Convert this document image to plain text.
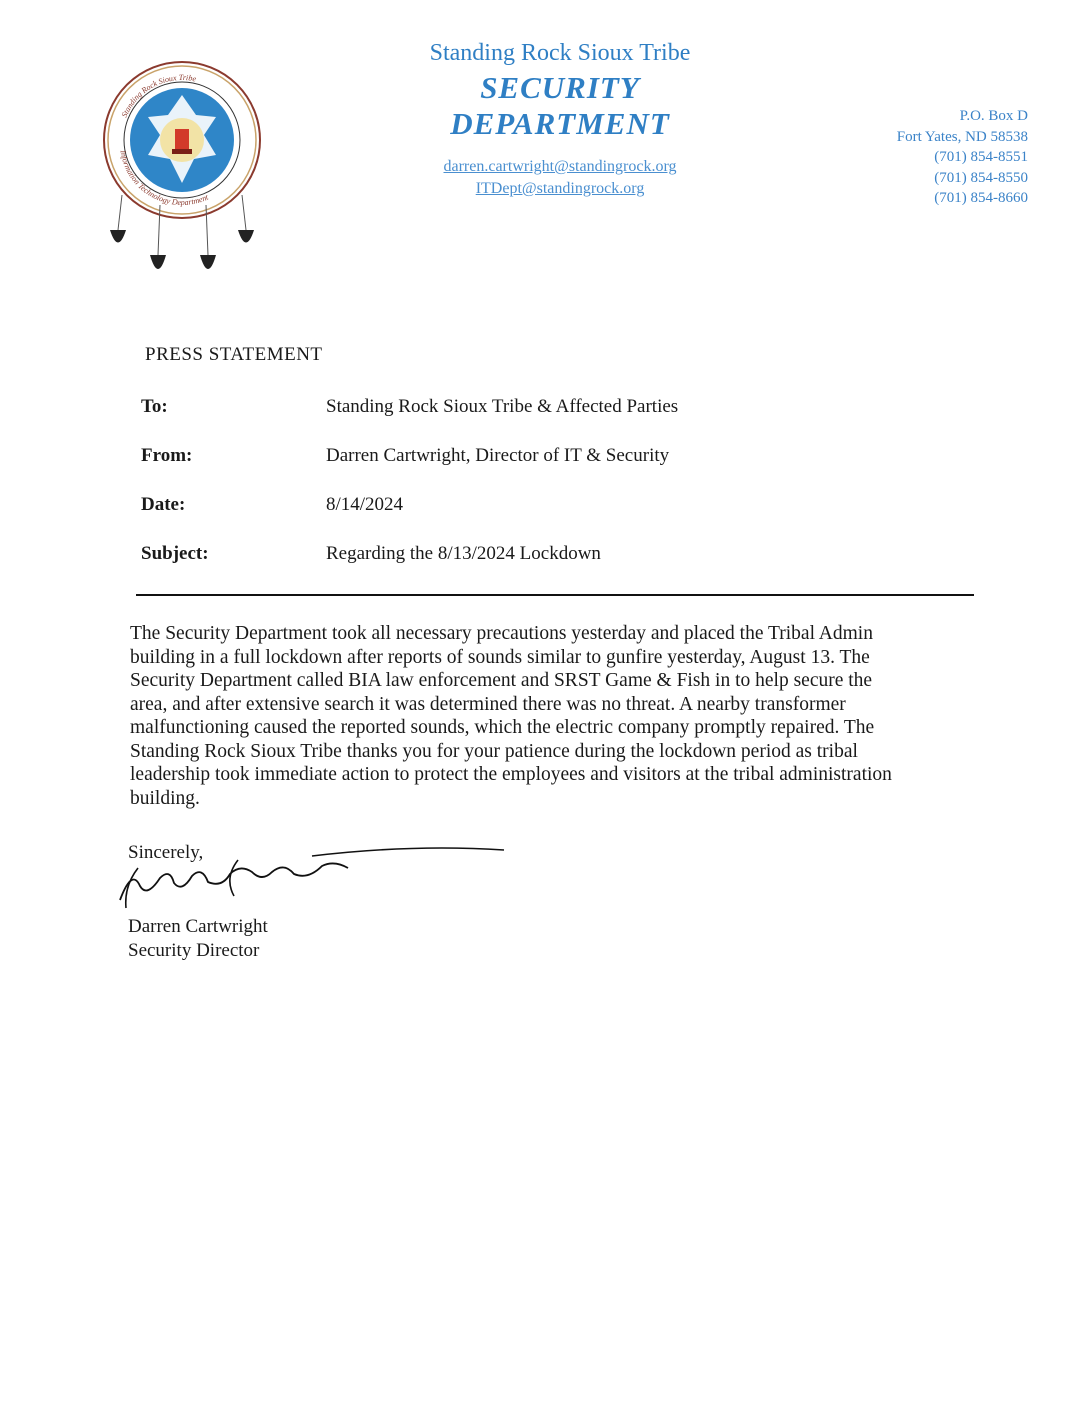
Standing Rock Sioux Tribe
Information Technology Department
Standing Rock Sioux Tribe
SECURITY
DEPARTMENT
darren.cartwright@standingrock.org
ITDept@standingrock.org
P.O. Box D
Fort Yates, ND 58538
(701) 854-8551
(701) 854-8550
(701) 854-8660
PRESS STATEMENT
To:	Standing Rock Sioux Tribe & Affected Parties
From:	Darren Cartwright, Director of IT & Security
Date:	8/14/2024
Subject:	Regarding the 8/13/2024 Lockdown
The Security Department took all necessary precautions yesterday and placed the Tribal Admin
building in a full lockdown after reports of sounds similar to gunfire yesterday, August 13. The
Security Department called BIA law enforcement and SRST Game & Fish in to help secure the
area, and after extensive search it was determined there was no threat. A nearby transformer
malfunctioning caused the reported sounds, which the electric company promptly repaired. The
Standing Rock Sioux Tribe thanks you for your patience during the lockdown period as tribal
leadership took immediate action to protect the employees and visitors at the tribal administration
building.
Sincerely,
Darren Cartwright
Security Director
